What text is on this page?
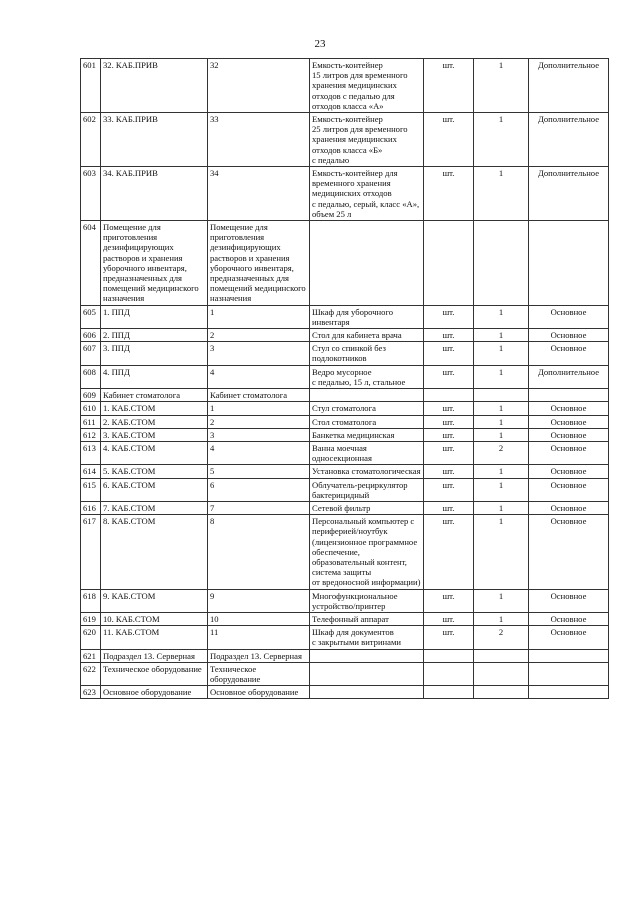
23
601	32. КАБ.ПРИВ	32	Емкость-контейнер
15 литров для временного хранения медицинских отходов с педалью для отходов класса «А»	шт.	1	Дополнительное
602	33. КАБ.ПРИВ	33	Емкость-контейнер
25 литров для временного хранения медицинских отходов класса «Б»
с педалью	шт.	1	Дополнительное
603	34. КАБ.ПРИВ	34	Емкость-контейнер для временного хранения медицинских отходов
с педалью, серый, класс «А», объем 25 л	шт.	1	Дополнительное
604	Помещение для приготовления дезинфицирующих растворов и хранения уборочного инвентаря, предназначенных для помещений медицинского назначения	Помещение для приготовления дезинфицирующих растворов и хранения уборочного инвентаря, предназначенных для помещений медицинского назначения				
605	1. ППД	1	Шкаф для уборочного инвентаря	шт.	1	Основное
606	2. ППД	2	Стол для кабинета врача	шт.	1	Основное
607	3. ППД	3	Стул со спинкой без подлокотников	шт.	1	Основное
608	4. ППД	4	Ведро мусорное
с педалью, 15 л, стальное	шт.	1	Дополнительное
609	Кабинет стоматолога	Кабинет стоматолога				
610	1. КАБ.СТОМ	1	Стул стоматолога	шт.	1	Основное
611	2. КАБ.СТОМ	2	Стол стоматолога	шт.	1	Основное
612	3. КАБ.СТОМ	3	Банкетка медицинская	шт.	1	Основное
613	4. КАБ.СТОМ	4	Ванна моечная односекционная	шт.	2	Основное
614	5. КАБ.СТОМ	5	Установка стоматологическая	шт.	1	Основное
615	6. КАБ.СТОМ	6	Облучатель-рециркулятор бактерицидный	шт.	1	Основное
616	7. КАБ.СТОМ	7	Сетевой фильтр	шт.	1	Основное
617	8. КАБ.СТОМ	8	Персональный компьютер с периферией/ноутбук (лицензионное программное обеспечение, образовательный контент, система защиты
от вредоносной информации)	шт.	1	Основное
618	9. КАБ.СТОМ	9	Многофункциональное устройство/принтер	шт.	1	Основное
619	10. КАБ.СТОМ	10	Телефонный аппарат	шт.	1	Основное
620	11. КАБ.СТОМ	11	Шкаф для документов
с закрытыми витринами	шт.	2	Основное
621	Подраздел 13. Серверная	Подраздел 13. Серверная				
622	Техническое оборудование	Техническое оборудование				
623	Основное оборудование	Основное оборудование				
